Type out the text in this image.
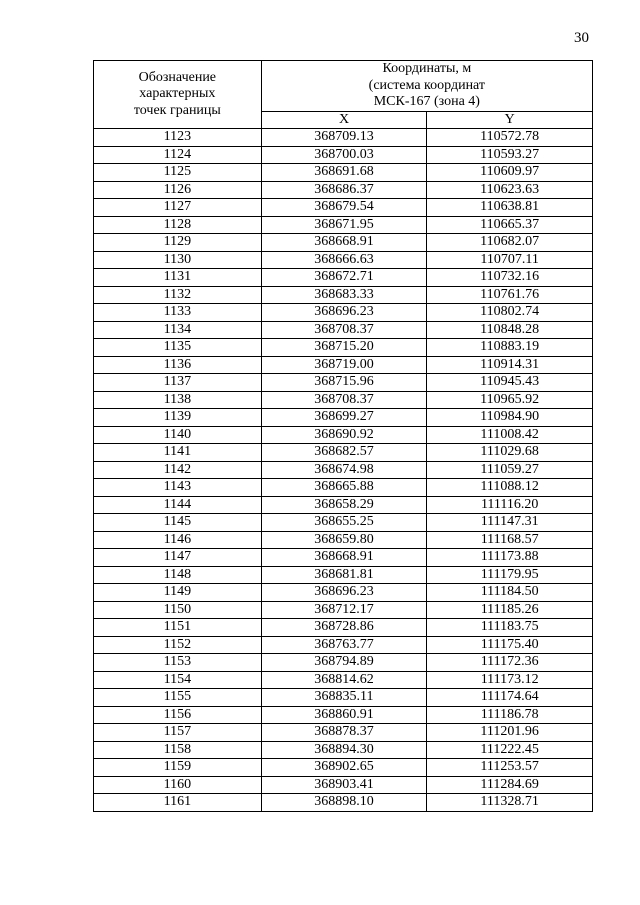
30
Обозначение
характерных
точек границы	Координаты, м
(система координат
МСК-167 (зона 4)	

	X	Y
1123	368709.13	110572.78
1124	368700.03	110593.27
1125	368691.68	110609.97
1126	368686.37	110623.63
1127	368679.54	110638.81
1128	368671.95	110665.37
1129	368668.91	110682.07
1130	368666.63	110707.11
1131	368672.71	110732.16
1132	368683.33	110761.76
1133	368696.23	110802.74
1134	368708.37	110848.28
1135	368715.20	110883.19
1136	368719.00	110914.31
1137	368715.96	110945.43
1138	368708.37	110965.92
1139	368699.27	110984.90
1140	368690.92	111008.42
1141	368682.57	111029.68
1142	368674.98	111059.27
1143	368665.88	111088.12
1144	368658.29	111116.20
1145	368655.25	111147.31
1146	368659.80	111168.57
1147	368668.91	111173.88
1148	368681.81	111179.95
1149	368696.23	111184.50
1150	368712.17	111185.26
1151	368728.86	111183.75
1152	368763.77	111175.40
1153	368794.89	111172.36
1154	368814.62	111173.12
1155	368835.11	111174.64
1156	368860.91	111186.78
1157	368878.37	111201.96
1158	368894.30	111222.45
1159	368902.65	111253.57
1160	368903.41	111284.69
1161	368898.10	111328.71
